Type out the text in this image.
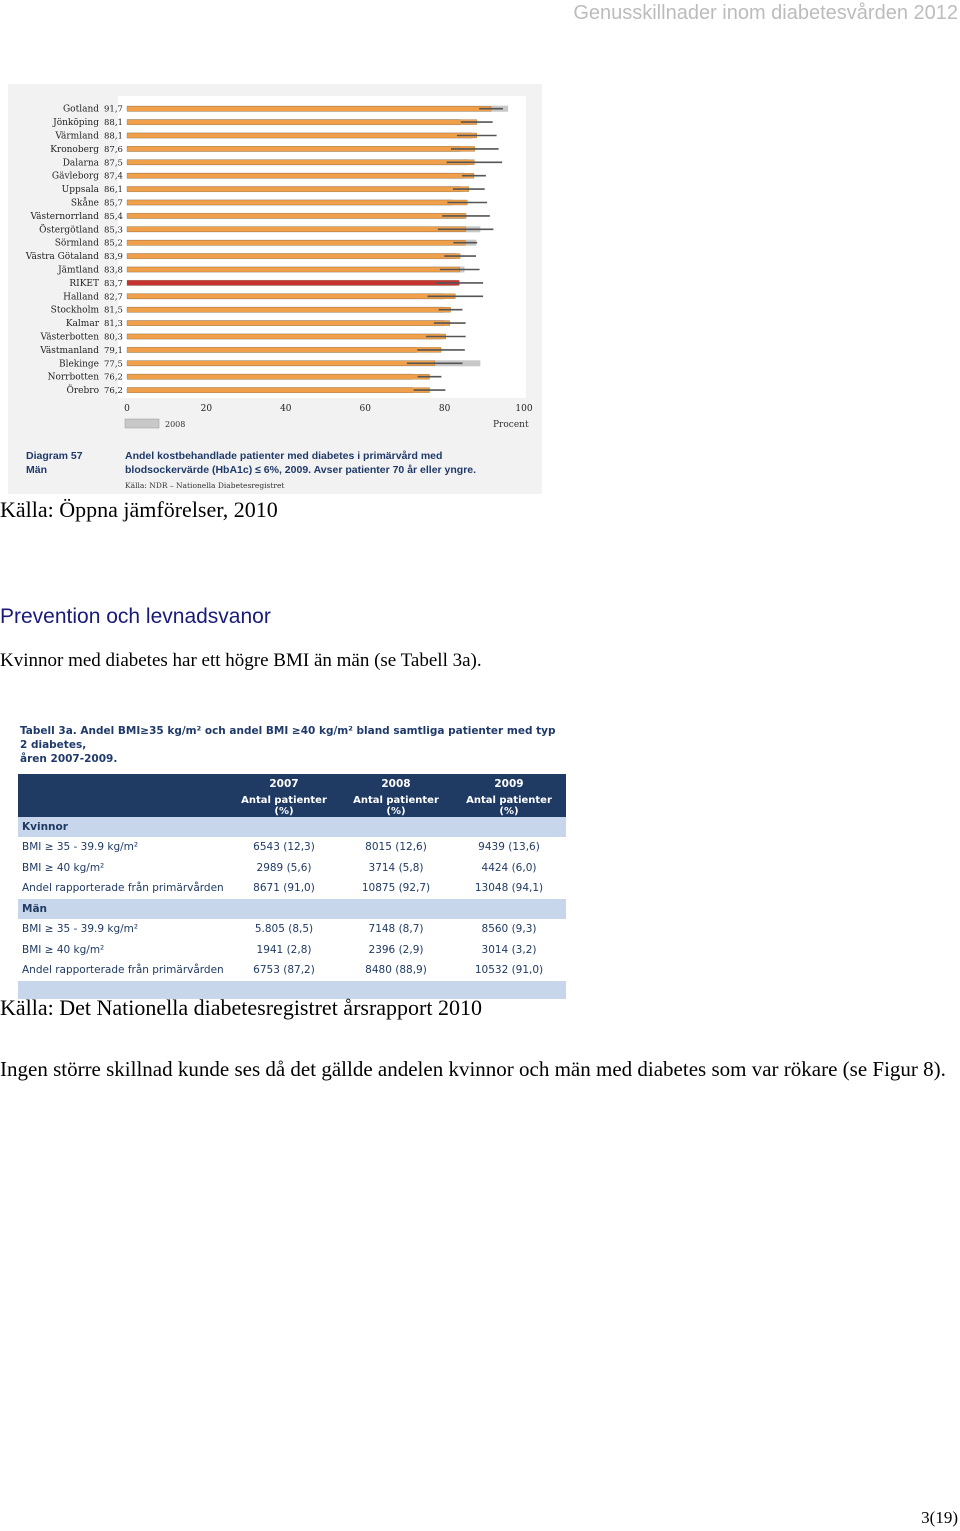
Genusskillnader inom diabetesvården 2012
Gotland 91,7
Jönköping 88,1
Värmland 88,1
Kronoberg 87,6
Dalarna 87,5
Gävleborg 87,4
Uppsala 86,1
Skåne 85,7
Västernorrland 85,4
Östergötland 85,3
Sörmland 85,2
Västra Götaland 83,9
Jämtland 83,8
RIKET 83,7
Halland 82,7
Stockholm 81,5
Kalmar 81,3
Västerbotten 80,3
Västmanland 79,1
Blekinge 77,5
Norrbotten 76,2
Örebro 76,2
0	20	40	60	80	100
2008	Procent
Diagram 57
Män
Andel kostbehandlade patienter med diabetes i primärvård med
blodsockervärde (HbA1c) ≤ 6%, 2009. Avser patienter 70 år eller yngre.
Källa: NDR – Nationella Diabetesregistret
Källa: Öppna jämförelser, 2010
Prevention och levnadsvanor
Kvinnor med diabetes har ett högre BMI än män (se Tabell 3a).
Tabell 3a. Andel BMI≥35 kg/m² och andel BMI ≥40 kg/m² bland samtliga patienter med typ 2 diabetes,
åren 2007-2009.
	2007	2008	2009
	Antal patienter (%)	Antal patienter (%)	Antal patienter (%)
Kvinnor			
BMI ≥ 35 - 39.9 kg/m²	6543 (12,3)	8015 (12,6)	9439 (13,6)
BMI ≥ 40 kg/m²	2989 (5,6)	3714 (5,8)	4424 (6,0)
Andel rapporterade från primärvården	8671 (91,0)	10875 (92,7)	13048 (94,1)
Män			
BMI ≥ 35 - 39.9 kg/m²	5.805 (8,5)	7148 (8,7)	8560 (9,3)
BMI ≥ 40 kg/m²	1941 (2,8)	2396 (2,9)	3014 (3,2)
Andel rapporterade från primärvården	6753 (87,2)	8480 (88,9)	10532 (91,0)

Källa: Det Nationella diabetesregistret årsrapport 2010
Ingen större skillnad kunde ses då det gällde andelen kvinnor och män med diabetes som var rökare (se Figur 8).
3(19)
